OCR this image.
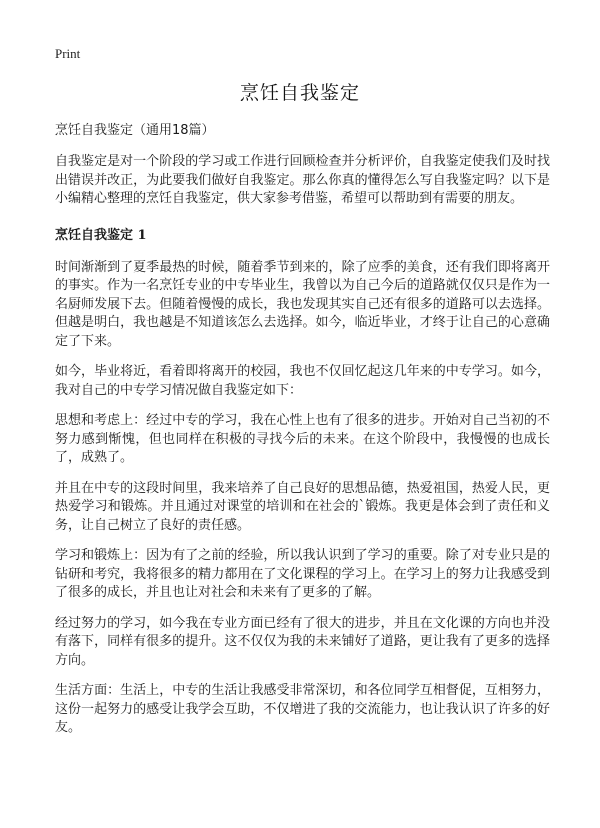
Print
烹饪自我鉴定

烹饪自我鉴定（通用18篇）

自我鉴定是对一个阶段的学习或工作进行回顾检查并分析评价，自我鉴定使我们及时找出错误并改正，为此要我们做好自我鉴定。那么你真的懂得怎么写自我鉴定吗？以下是小编精心整理的烹饪自我鉴定，供大家参考借鉴，希望可以帮助到有需要的朋友。

烹饪自我鉴定 1

时间渐渐到了夏季最热的时候，随着季节到来的，除了应季的美食，还有我们即将离开的事实。作为一名烹饪专业的中专毕业生，我曾以为自己今后的道路就仅仅只是作为一名厨师发展下去。但随着慢慢的成长，我也发现其实自己还有很多的道路可以去选择。但越是明白，我也越是不知道该怎么去选择。如今，临近毕业，才终于让自己的心意确定了下来。

如今，毕业将近，看着即将离开的校园，我也不仅回忆起这几年来的中专学习。如今，我对自己的中专学习情况做自我鉴定如下：

思想和考虑上：经过中专的学习，我在心性上也有了很多的进步。开始对自己当初的不努力感到惭愧，但也同样在积极的寻找今后的未来。在这个阶段中，我慢慢的也成长了，成熟了。

并且在中专的这段时间里，我来培养了自己良好的思想品德，热爱祖国，热爱人民，更热爱学习和锻炼。并且通过对课堂的培训和在社会的`锻炼。我更是体会到了责任和义务，让自己树立了良好的责任感。

学习和锻炼上：因为有了之前的经验，所以我认识到了学习的重要。除了对专业只是的钻研和考究，我将很多的精力都用在了文化课程的学习上。在学习上的努力让我感受到了很多的成长，并且也让对社会和未来有了更多的了解。

经过努力的学习，如今我在专业方面已经有了很大的进步，并且在文化课的方向也并没有落下，同样有很多的提升。这不仅仅为我的未来铺好了道路，更让我有了更多的选择方向。

生活方面：生活上，中专的生活让我感受非常深切，和各位同学互相督促，互相努力，这份一起努力的感受让我学会互助，不仅增进了我的交流能力，也让我认识了许多的好友。
